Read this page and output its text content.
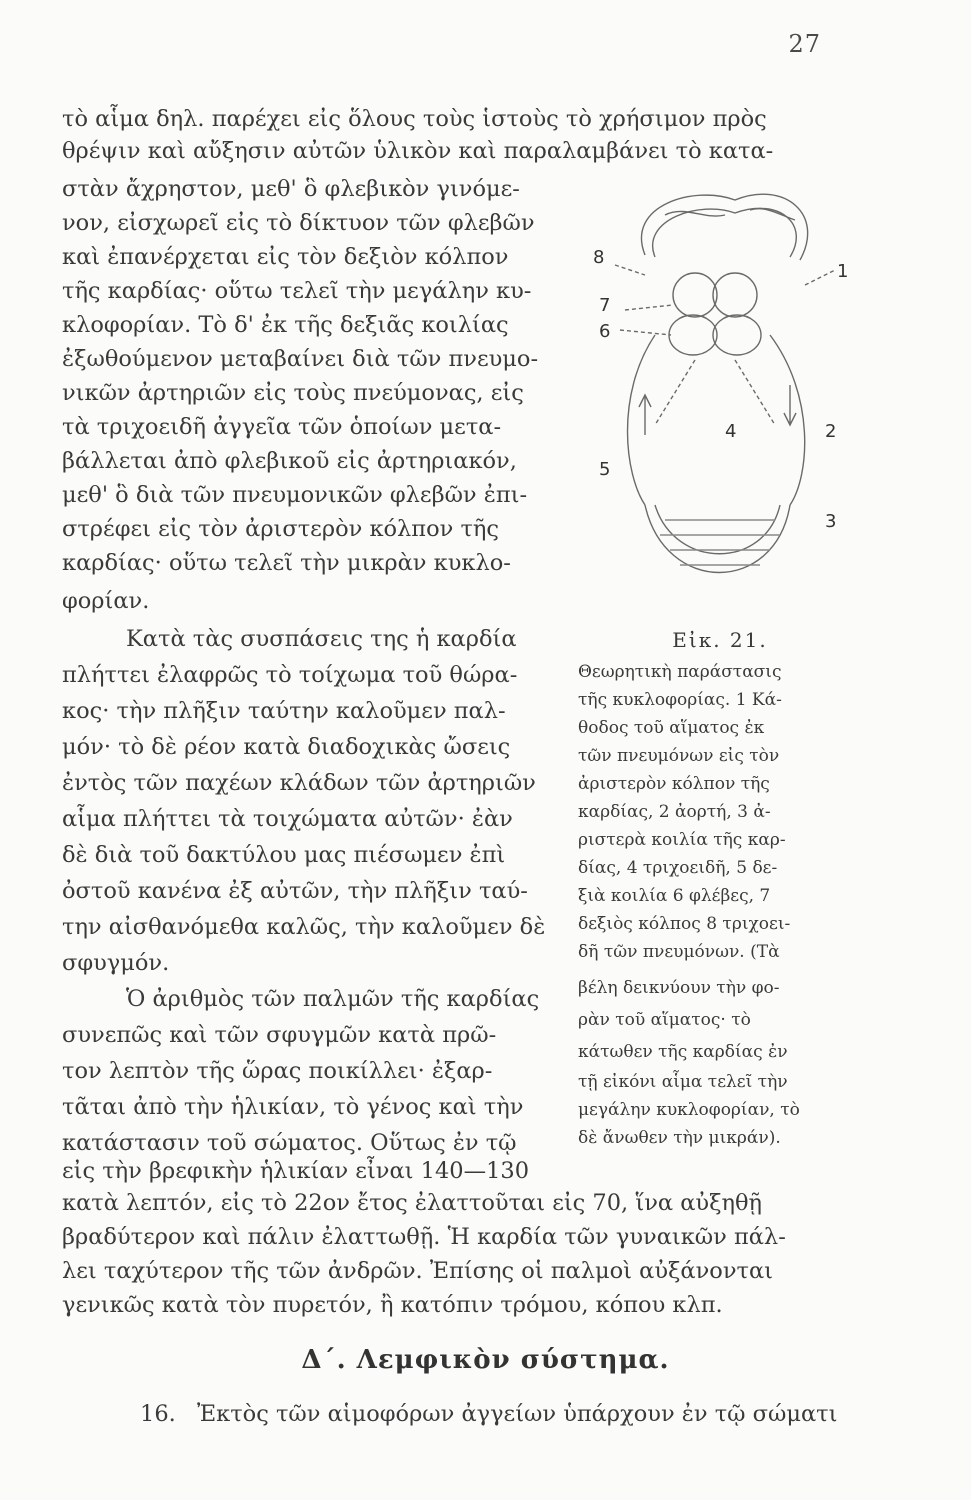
27
τὸ αἷμα δηλ. παρέχει εἰς ὅλους τοὺς ἱστοὺς τὸ χρήσιμον πρὸς
θρέψιν καὶ αὔξησιν αὐτῶν ὑλικὸν καὶ παραλαμβάνει τὸ κατα-
στὰν ἄχρηστον, μεθ' ὃ φλεβικὸν γινόμε-
νον, εἰσχωρεῖ εἰς τὸ δίκτυον τῶν φλεβῶν
καὶ ἐπανέρχεται εἰς τὸν δεξιὸν κόλπον
τῆς καρδίας· οὕτω τελεῖ τὴν μεγάλην κυ-
κλοφορίαν. Τὸ δ' ἐκ τῆς δεξιᾶς κοιλίας
ἐξωθούμενον μεταβαίνει διὰ τῶν πνευμο-
νικῶν ἀρτηριῶν εἰς τοὺς πνεύμονας, εἰς
τὰ τριχοειδῆ ἀγγεῖα τῶν ὁποίων μετα-
βάλλεται ἀπὸ φλεβικοῦ εἰς ἀρτηριακόν,
μεθ' ὃ διὰ τῶν πνευμονικῶν φλεβῶν ἐπι-
στρέφει εἰς τὸν ἀριστερὸν κόλπον τῆς
καρδίας· οὕτω τελεῖ τὴν μικρὰν κυκλο-
φορίαν.
Κατὰ τὰς συσπάσεις της ἡ καρδία
πλήττει ἐλαφρῶς τὸ τοίχωμα τοῦ θώρα-
κος· τὴν πλῆξιν ταύτην καλοῦμεν παλ-
μόν· τὸ δὲ ρέον κατὰ διαδοχικὰς ὤσεις
ἐντὸς τῶν παχέων κλάδων τῶν ἀρτηριῶν
αἷμα πλήττει τὰ τοιχώματα αὐτῶν· ἐὰν
δὲ διὰ τοῦ δακτύλου μας πιέσωμεν ἐπὶ
ὀστοῦ κανένα ἐξ αὐτῶν, τὴν πλῆξιν ταύ-
την αἰσθανόμεθα καλῶς, τὴν καλοῦμεν δὲ
σφυγμόν.
Ὁ ἀριθμὸς τῶν παλμῶν τῆς καρδίας
συνεπῶς καὶ τῶν σφυγμῶν κατὰ πρῶ-
τον λεπτὸν τῆς ὥρας ποικίλλει· ἐξαρ-
τᾶται ἀπὸ τὴν ἡλικίαν, τὸ γένος καὶ τὴν
κατάστασιν τοῦ σώματος. Οὕτως ἐν τῷ
εἰς τὴν βρεφικὴν ἡλικίαν εἶναι 140—130
κατὰ λεπτόν, εἰς τὸ 22ον ἔτος ἐλαττοῦται εἰς 70, ἵνα αὐξηθῇ
βραδύτερον καὶ πάλιν ἐλαττωθῇ. Ἡ καρδία τῶν γυναικῶν πάλ-
λει ταχύτερον τῆς τῶν ἀνδρῶν. Ἐπίσης οἱ παλμοὶ αὐξάνονται
γενικῶς κατὰ τὸν πυρετόν, ἢ κατόπιν τρόμου, κόπου κλπ.
8
1
7
6
4	2
5
3
Εἰκ. 21.
Θεωρητικὴ παράστασις
τῆς κυκλοφορίας. 1 Κά-
θοδος τοῦ αἵματος ἐκ
τῶν πνευμόνων εἰς τὸν
ἀριστερὸν κόλπον τῆς
καρδίας, 2 ἀορτή, 3 ἀ-
ριστερὰ κοιλία τῆς καρ-
δίας, 4 τριχοειδῆ, 5 δε-
ξιὰ κοιλία 6 φλέβες, 7
δεξιὸς κόλπος 8 τριχοει-
δῆ τῶν πνευμόνων. (Τὰ
βέλη δεικνύουν τὴν φο-
ρὰν τοῦ αἵματος· τὸ
κάτωθεν τῆς καρδίας ἐν
τῇ εἰκόνι αἷμα τελεῖ τὴν
μεγάλην κυκλοφορίαν, τὸ
δὲ ἄνωθεν τὴν μικράν).
Δ΄. Λεμφικὸν σύστημα.
16. Ἐκτὸς τῶν αἱμοφόρων ἀγγείων ὑπάρχουν ἐν τῷ σώματι
